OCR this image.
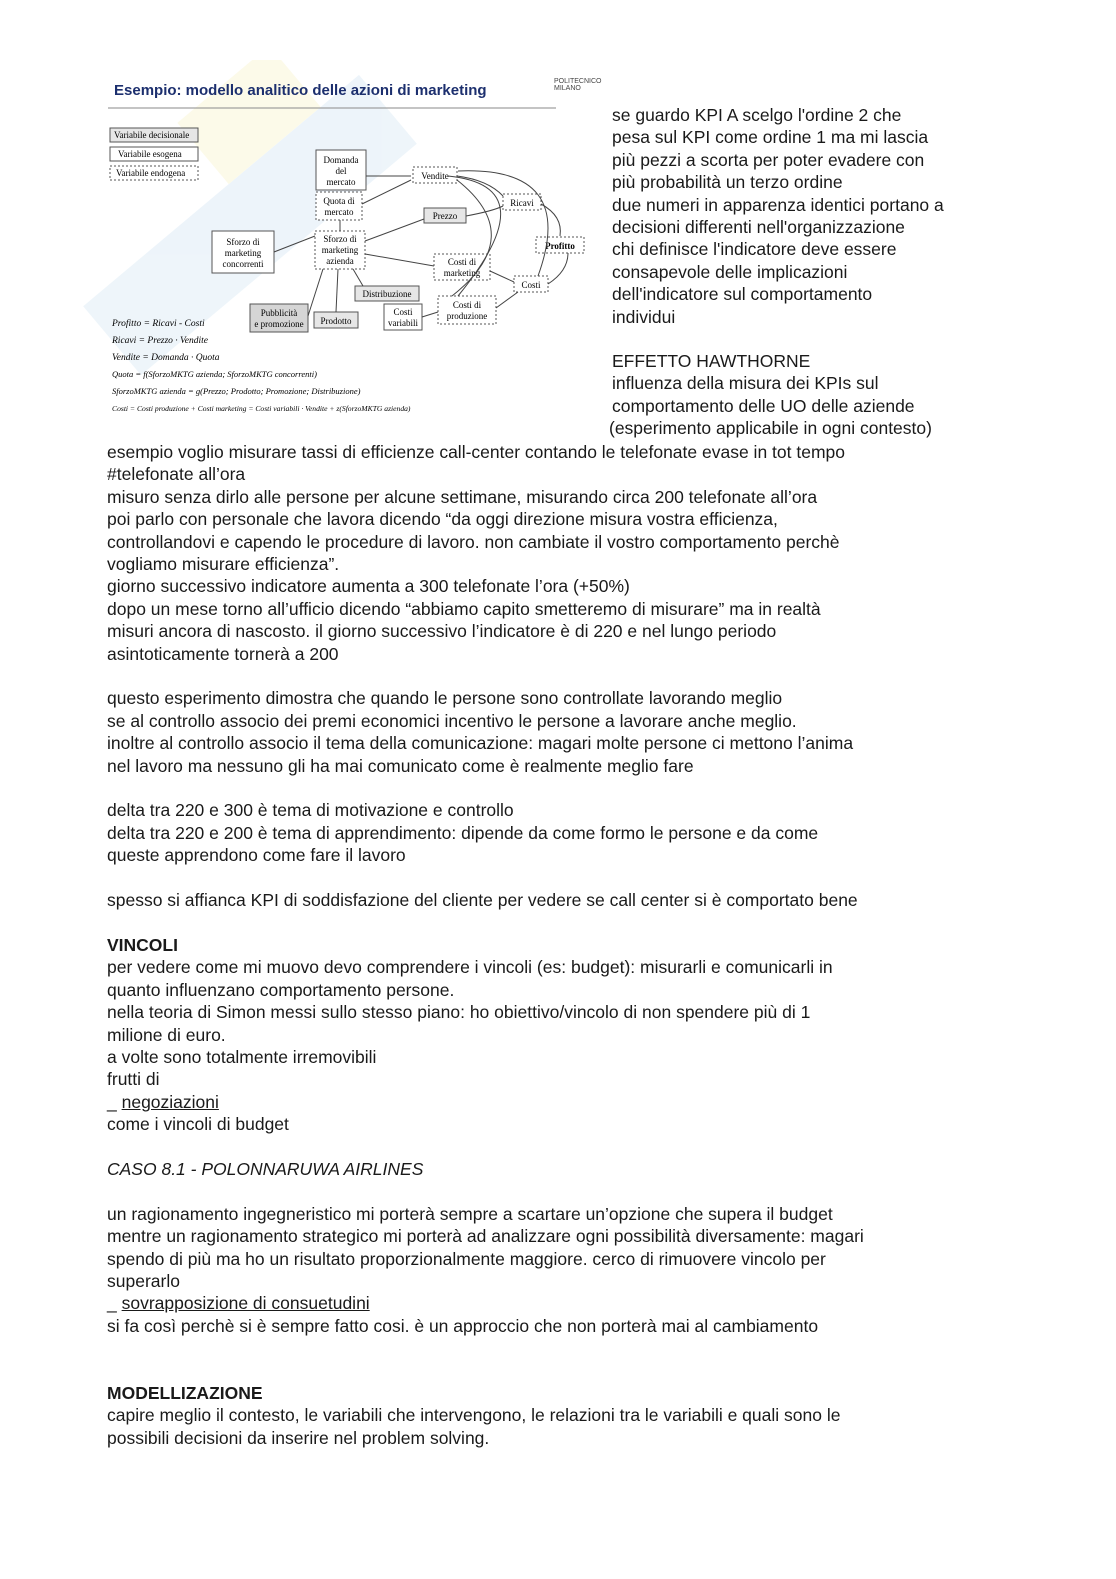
Esempio: modello analitico delle azioni di marketing
POLITECNICO MILANO
Variabile decisionale
Variabile esogena
Variabile endogena
Domanda del mercato
Quota di mercato
Vendite
Ricavi
Prezzo
Profitto
Sforzo di marketing concorrenti
Sforzo di marketing azienda	Costi di marketing
Costi
Distribuzione
Costi di produzione
Pubblicità e promozione Prodotto
Costi variabili
Profitto = Ricavi - Costi
Ricavi = Prezzo · Vendite
Vendite = Domanda · Quota
Quota = f(SforzoMKTG azienda; SforzoMKTG concorrenti)
SforzoMKTG azienda = g(Prezzo; Prodotto; Promozione; Distribuzione)
Costi = Costi produzione + Costi marketing = Costi variabili · Vendite + z(SforzoMKTG azienda)

se guardo KPI A scelgo l'ordine 2 che

pesa sul KPI come ordine 1 ma mi lascia

più pezzi a scorta per poter evadere con

più probabilità un terzo ordine

due numeri in apparenza identici portano a

decisioni differenti nell'organizzazione

chi definisce l'indicatore deve essere

consapevole delle implicazioni

dell'indicatore sul comportamento

individui

EFFETTO HAWTHORNE

influenza della misura dei KPIs sul

comportamento delle UO delle aziende

(esperimento applicabile in ogni contesto)

esempio voglio misurare tassi di efficienze call-center contando le telefonate evase in tot tempo

#telefonate all’ora

misuro senza dirlo alle persone per alcune settimane, misurando circa 200 telefonate all’ora

poi parlo con personale che lavora dicendo “da oggi direzione misura vostra efficienza,

controllandovi e capendo le procedure di lavoro. non cambiate il vostro comportamento perchè

vogliamo misurare efficienza”.

giorno successivo indicatore aumenta a 300 telefonate l’ora (+50%)

dopo un mese torno all’ufficio dicendo “abbiamo capito smetteremo di misurare” ma in realtà

misuri ancora di nascosto. il giorno successivo l’indicatore è di 220 e nel lungo periodo

asintoticamente tornerà a 200

questo esperimento dimostra che quando le persone sono controllate lavorando meglio

se al controllo associo dei premi economici incentivo le persone a lavorare anche meglio.

inoltre al controllo associo il tema della comunicazione: magari molte persone ci mettono l’anima

nel lavoro ma nessuno gli ha mai comunicato come è realmente meglio fare

delta tra 220 e 300 è tema di motivazione e controllo

delta tra 220 e 200 è tema di apprendimento: dipende da come formo le persone e da come

queste apprendono come fare il lavoro

spesso si affianca KPI di soddisfazione del cliente per vedere se call center si è comportato bene

VINCOLI

per vedere come mi muovo devo comprendere i vincoli (es: budget): misurarli e comunicarli in

quanto influenzano comportamento persone.

nella teoria di Simon messi sullo stesso piano: ho obiettivo/vincolo di non spendere più di 1

milione di euro.

a volte sono totalmente irremovibili

frutti di

_ negoziazioni

come i vincoli di budget

CASO 8.1 - POLONNARUWA AIRLINES

un ragionamento ingegneristico mi porterà sempre a scartare un’opzione che supera il budget

mentre un ragionamento strategico mi porterà ad analizzare ogni possibilità diversamente: magari

spendo di più ma ho un risultato proporzionalmente maggiore. cerco di rimuovere vincolo per

superarlo

_ sovrapposizione di consuetudini

si fa così perchè si è sempre fatto cosi. è un approccio che non porterà mai al cambiamento

MODELLIZAZIONE

capire meglio il contesto, le variabili che intervengono, le relazioni tra le variabili e quali sono le

possibili decisioni da inserire nel problem solving.
